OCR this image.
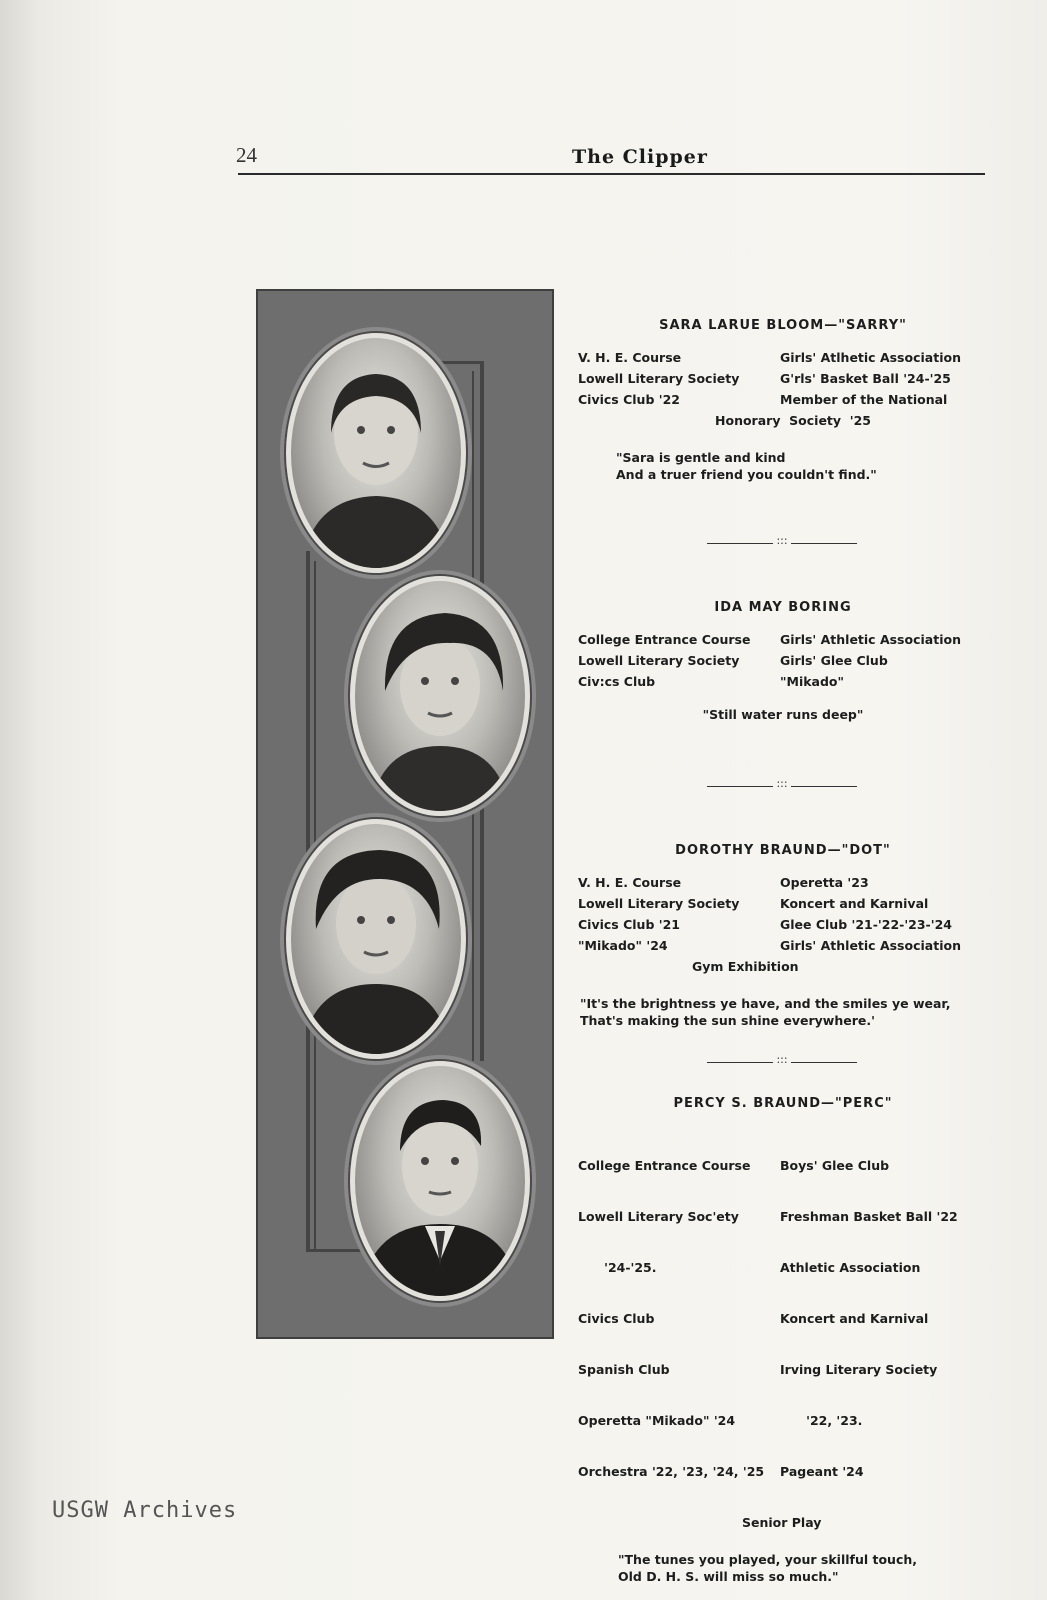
24	The Clipper
SARA LARUE BLOOM—"SARRY"
V. H. E. Course
Lowell Literary Society
Civics Club '22
Girls' Atlhetic Association
G'rls' Basket Ball '24-'25
Member of the National
Honorary  Society  '25
"Sara is gentle and kind
And a truer friend you couldn't find."
:::
IDA MAY BORING
College Entrance Course
Lowell Literary Society
Civ:cs Club
Girls' Athletic Association
Girls' Glee Club
"Mikado"
"Still water runs deep"
:::
DOROTHY BRAUND—"DOT"
V. H. E. Course
Lowell Literary Society
Civics Club '21
"Mikado" '24
Operetta '23
Koncert and Karnival
Glee Club '21-'22-'23-'24
Girls' Athletic Association
Gym Exhibition
"It's the brightness ye have, and the smiles ye wear,
That's making the sun shine everywhere.'
:::
PERCY S. BRAUND—"PERC"

College Entrance Course

Lowell Literary Soc'ety

'24-'25.

Civics Club

Spanish Club

Operetta "Mikado" '24

Orchestra '22, '23, '24, '25

Boys' Glee Club

Freshman Basket Ball '22

Athletic Association

Koncert and Karnival

Irving Literary Society

'22, '23.

Pageant '24

Senior Play
"The tunes you played, your skillful touch,
Old D. H. S. will miss so much."
USGW Archives
